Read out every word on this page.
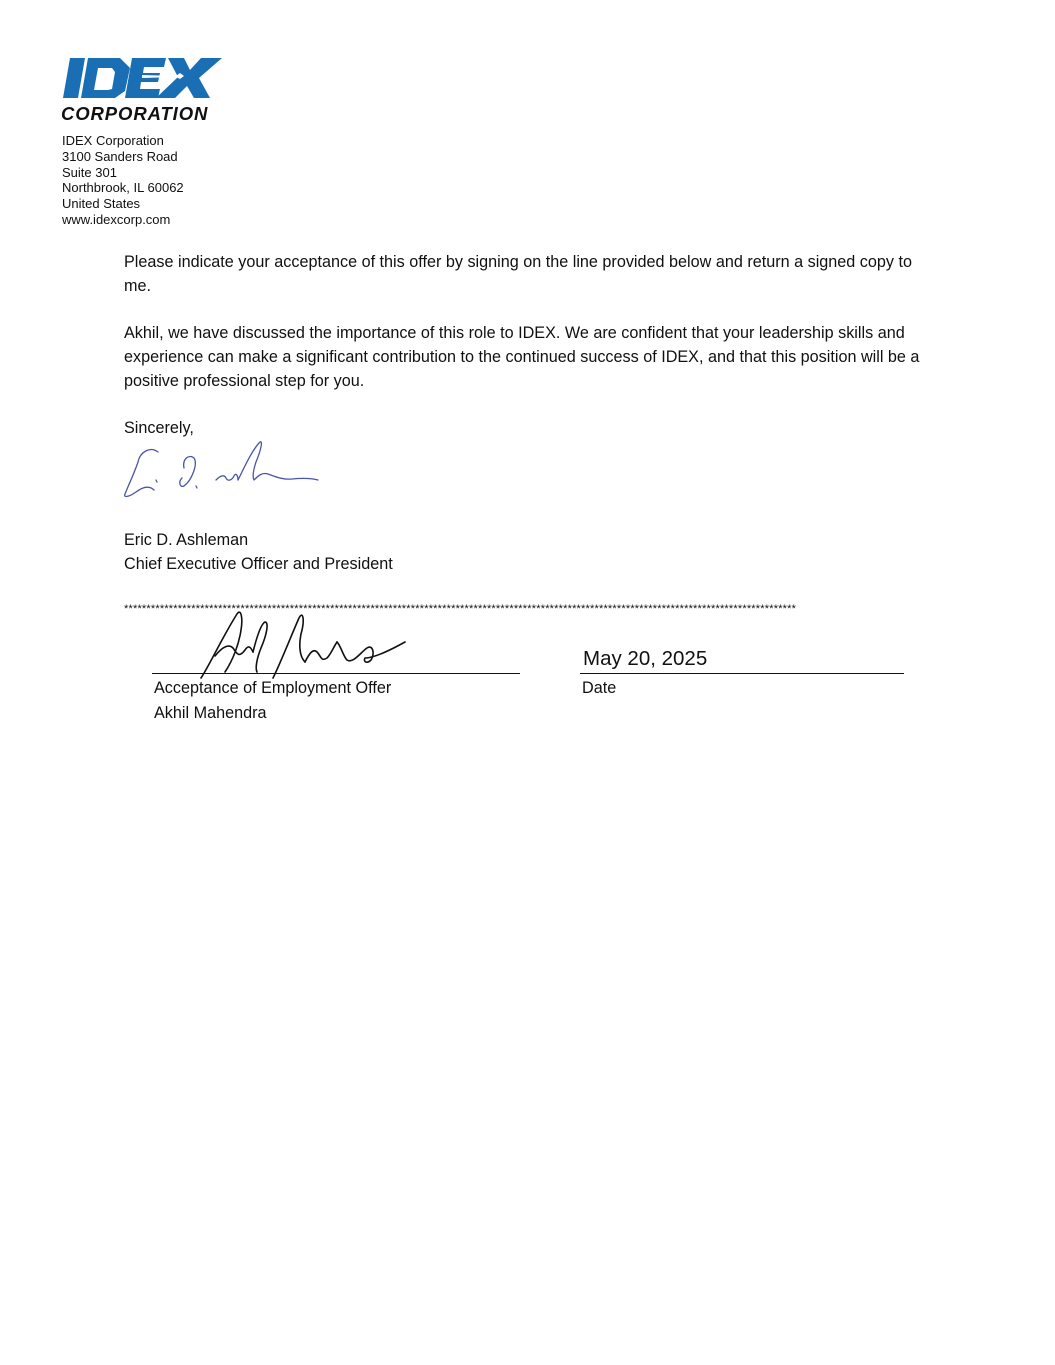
CORPORATION
IDEX Corporation
3100 Sanders Road
Suite 301
Northbrook, IL 60062
United States
www.idexcorp.com
Please indicate your acceptance of this offer by signing on the line provided below and return a signed copy to me.
Akhil, we have discussed the importance of this role to IDEX. We are confident that your leadership skills and experience can make a significant contribution to the continued success of IDEX, and that this position will be a positive professional step for you.
Sincerely,
Eric D. Ashleman
Chief Executive Officer and President
******************************************************************************************************************************************************
May 20, 2025
Acceptance of Employment Offer	Date
Akhil Mahendra
